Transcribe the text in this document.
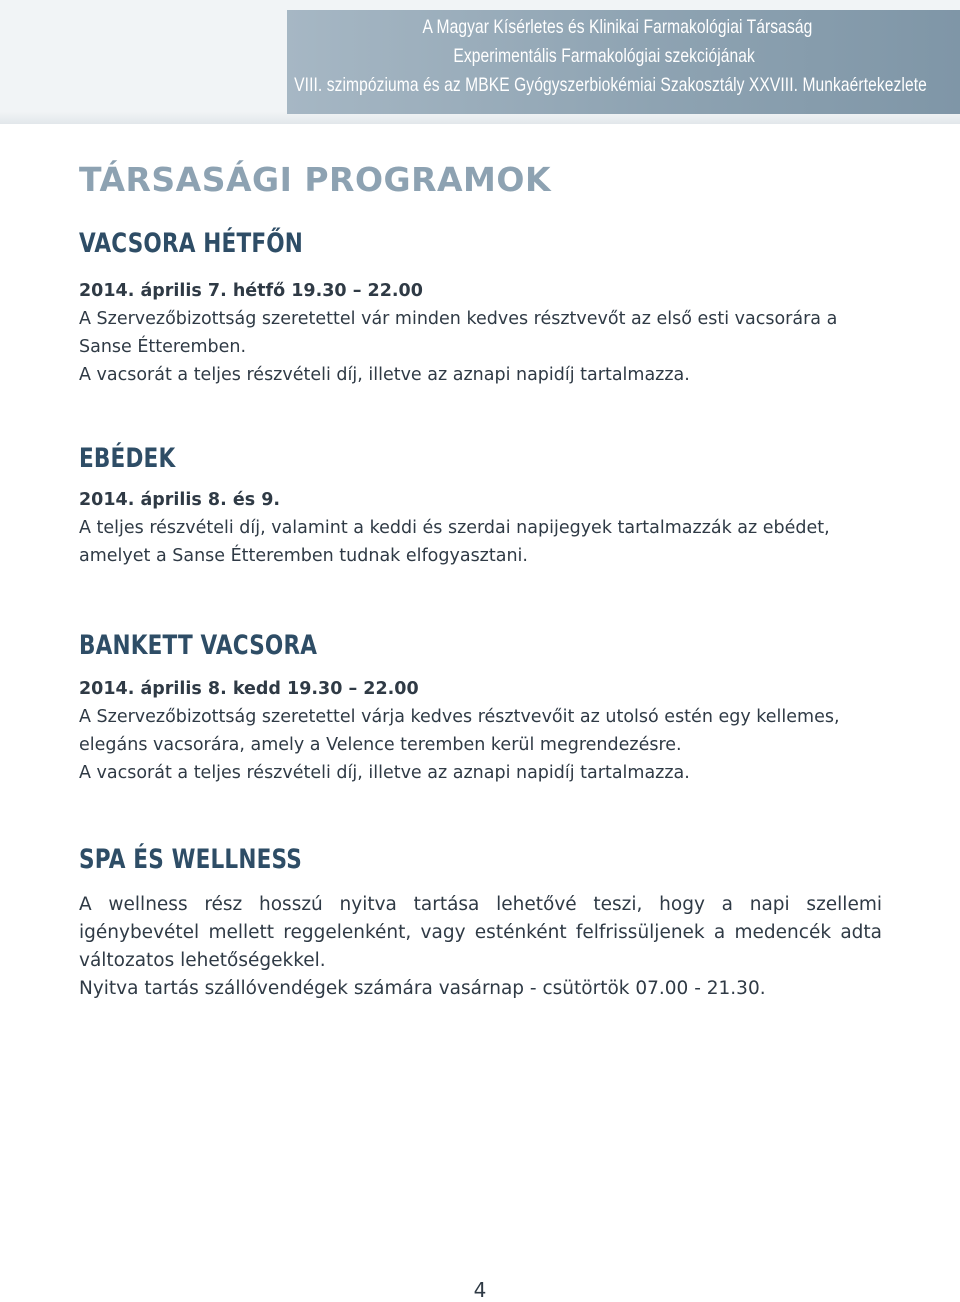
A Magyar Kísérletes és Klinikai Farmakológiai Társaság
Experimentális Farmakológiai szekciójának
VIII. szimpóziuma és az MBKE Gyógyszerbiokémiai Szakosztály XXVIII. Munkaértekezlete
TÁRSASÁGI PROGRAMOK
VACSORA HÉTFŐN

2014. április 7. hétfő 19.30 – 22.00

A Szervezőbizottság szeretettel vár minden kedves résztvevőt az első esti vacsorára a

Sanse Étteremben.

A vacsorát a teljes részvételi díj, illetve az aznapi napidíj tartalmazza.

EBÉDEK

2014. április 8. és 9.

A teljes részvételi díj, valamint a keddi és szerdai napijegyek tartalmazzák az ebédet,

amelyet a Sanse Étteremben tudnak elfogyasztani.

BANKETT VACSORA

2014. április 8. kedd 19.30 – 22.00

A Szervezőbizottság szeretettel várja kedves résztvevőit az utolsó estén egy kellemes,

elegáns vacsorára, amely a Velence teremben kerül megrendezésre.

A vacsorát a teljes részvételi díj, illetve az aznapi napidíj tartalmazza.

SPA ÉS WELLNESS

A wellness rész hosszú nyitva tartása lehetővé teszi, hogy a napi szellemi igénybevétel mellett reggelenként, vagy esténként felfrissüljenek a medencék adta változatos lehetőségekkel.

Nyitva tartás szállóvendégek számára vasárnap - csütörtök 07.00 - 21.30.

4
